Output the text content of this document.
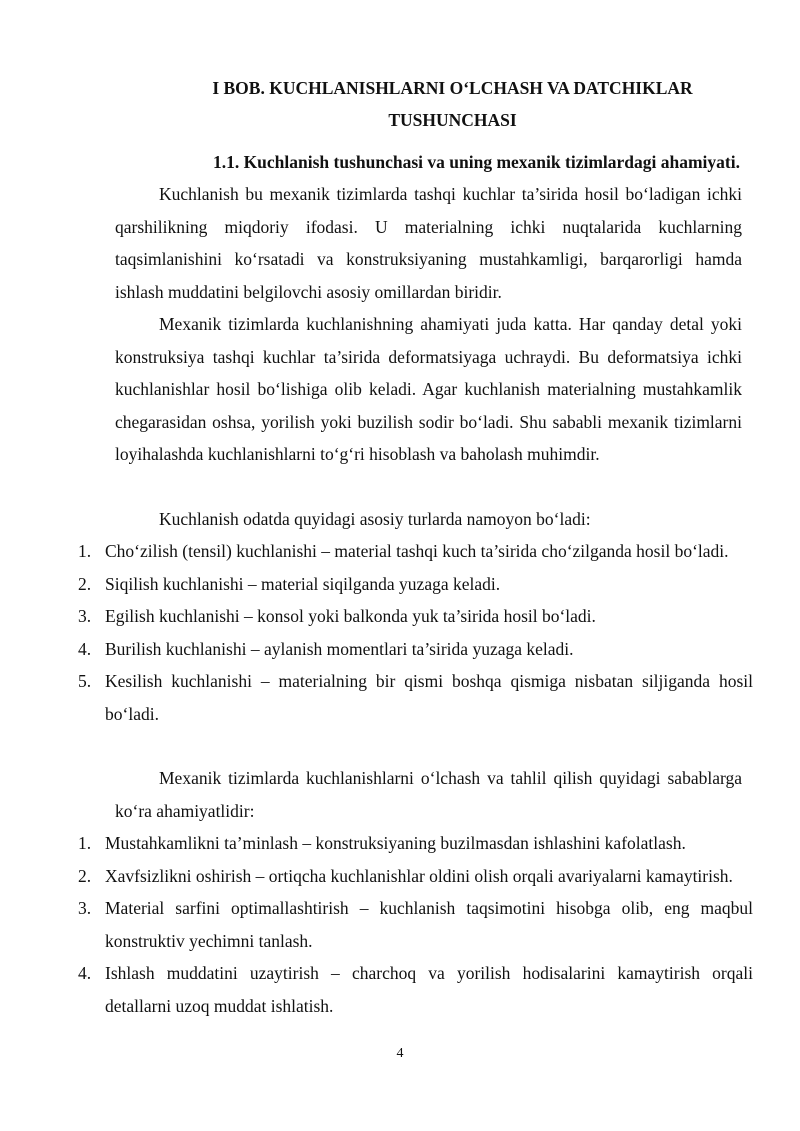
I BOB. KUCHLANISHLARNI O‘LCHASH VA DATCHIKLAR TUSHUNCHASI
1.1. Kuchlanish tushunchasi va uning mexanik tizimlardagi ahamiyati.

Kuchlanish bu mexanik tizimlarda tashqi kuchlar ta’sirida hosil bo‘ladigan ichki qarshilikning miqdoriy ifodasi. U materialning ichki nuqtalarida kuchlarning taqsimlanishini ko‘rsatadi va konstruksiyaning mustahkamligi, barqarorligi hamda ishlash muddatini belgilovchi asosiy omillardan biridir.

Mexanik tizimlarda kuchlanishning ahamiyati juda katta. Har qanday detal yoki konstruksiya tashqi kuchlar ta’sirida deformatsiyaga uchraydi. Bu deformatsiya ichki kuchlanishlar hosil bo‘lishiga olib keladi. Agar kuchlanish materialning mustahkamlik chegarasidan oshsa, yorilish yoki buzilish sodir bo‘ladi. Shu sababli mexanik tizimlarni loyihalashda kuchlanishlarni to‘g‘ri hisoblash va baholash muhimdir.

Kuchlanish odatda quyidagi asosiy turlarda namoyon bo‘ladi:

1. Cho‘zilish (tensil) kuchlanishi – material tashqi kuch ta’sirida cho‘zilganda hosil bo‘ladi.
2. Siqilish kuchlanishi – material siqilganda yuzaga keladi.
3. Egilish kuchlanishi – konsol yoki balkonda yuk ta’sirida hosil bo‘ladi.
4. Burilish kuchlanishi – aylanish momentlari ta’sirida yuzaga keladi.
5. Kesilish kuchlanishi – materialning bir qismi boshqa qismiga nisbatan siljiganda hosil bo‘ladi.

Mexanik tizimlarda kuchlanishlarni o‘lchash va tahlil qilish quyidagi sabablarga ko‘ra ahamiyatlidir:

1. Mustahkamlikni ta’minlash – konstruksiyaning buzilmasdan ishlashini kafolatlash.
2. Xavfsizlikni oshirish – ortiqcha kuchlanishlar oldini olish orqali avariyalarni kamaytirish.
3. Material sarfini optimallashtirish – kuchlanish taqsimotini hisobga olib, eng maqbul konstruktiv yechimni tanlash.
4. Ishlash muddatini uzaytirish – charchoq va yorilish hodisalarini kamaytirish orqali detallarni uzoq muddat ishlatish.
4
